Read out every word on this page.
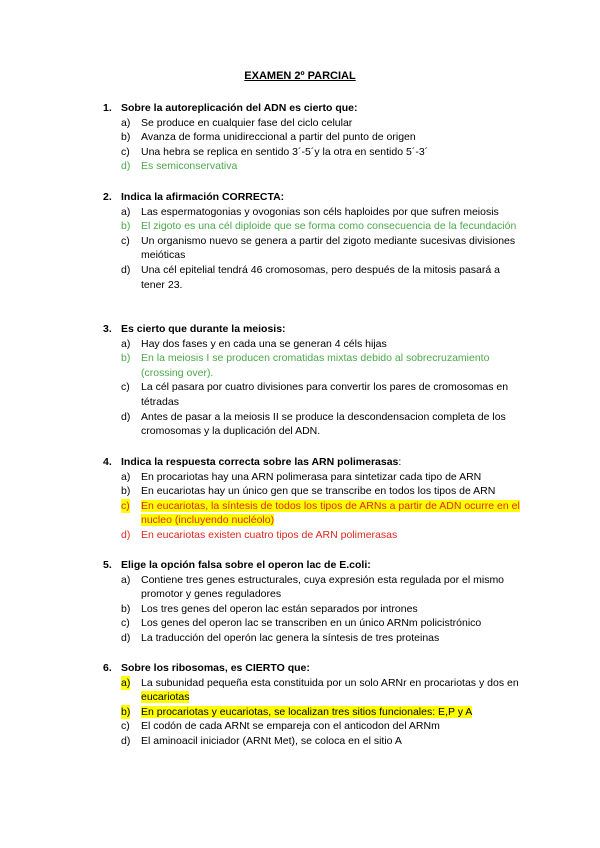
EXAMEN 2º PARCIAL
1. Sobre la autoreplicación del ADN es cierto que:
a) Se produce en cualquier fase del ciclo celular
b) Avanza de forma unidireccional a partir del punto de origen
c) Una hebra se replica en sentido 3´-5´y la otra en sentido 5´-3´
d) Es semiconservativa
2. Indica la afirmación CORRECTA:
a) Las espermatogonias y ovogonias son céls haploides por que sufren meiosis
b) El zigoto es una cél diploide que se forma como consecuencia de la fecundación
c) Un organismo nuevo se genera a partir del zigoto mediante sucesivas divisiones meióticas
d) Una cél epitelial tendrá 46 cromosomas, pero después de la mitosis pasará a tener 23.
3. Es cierto que durante la meiosis:
a) Hay dos fases y en cada una se generan 4 céls hijas
b) En la meiosis I se producen cromatidas mixtas debido al sobrecruzamiento (crossing over).
c) La cél pasara por cuatro divisiones para convertir los pares de cromosomas en tétradas
d) Antes de pasar a la meiosis II se produce la descondensacion completa de los cromosomas y la duplicación del ADN.
4. Indica la respuesta correcta sobre las ARN polimerasas:
a) En procariotas hay una ARN polimerasa para sintetizar cada tipo de ARN
b) En eucariotas hay un único gen que se transcribe en todos los tipos de ARN
c) En eucariotas, la síntesis de todos los tipos de ARNs a partir de ADN ocurre en el nucleo (incluyendo nucléolo)
d) En eucariotas existen cuatro tipos de ARN polimerasas
5. Elige la opción falsa sobre el operon lac de E.coli:
a) Contiene tres genes estructurales, cuya expresión esta regulada por el mismo promotor y genes reguladores
b) Los tres genes del operon lac están separados por intrones
c) Los genes del operon lac se transcriben en un único ARNm policistrónico
d) La traducción del operón lac genera la síntesis de tres proteinas
6. Sobre los ribosomas, es CIERTO que:
a) La subunidad pequeña esta constituida por un solo ARNr en procariotas y dos en eucariotas
b) En procariotas y eucariotas, se localizan tres sitios funcionales: E,P y A
c) El codón de cada ARNt se empareja con el anticodon del ARNm
d) El aminoacil iniciador (ARNt Met), se coloca en el sitio A
